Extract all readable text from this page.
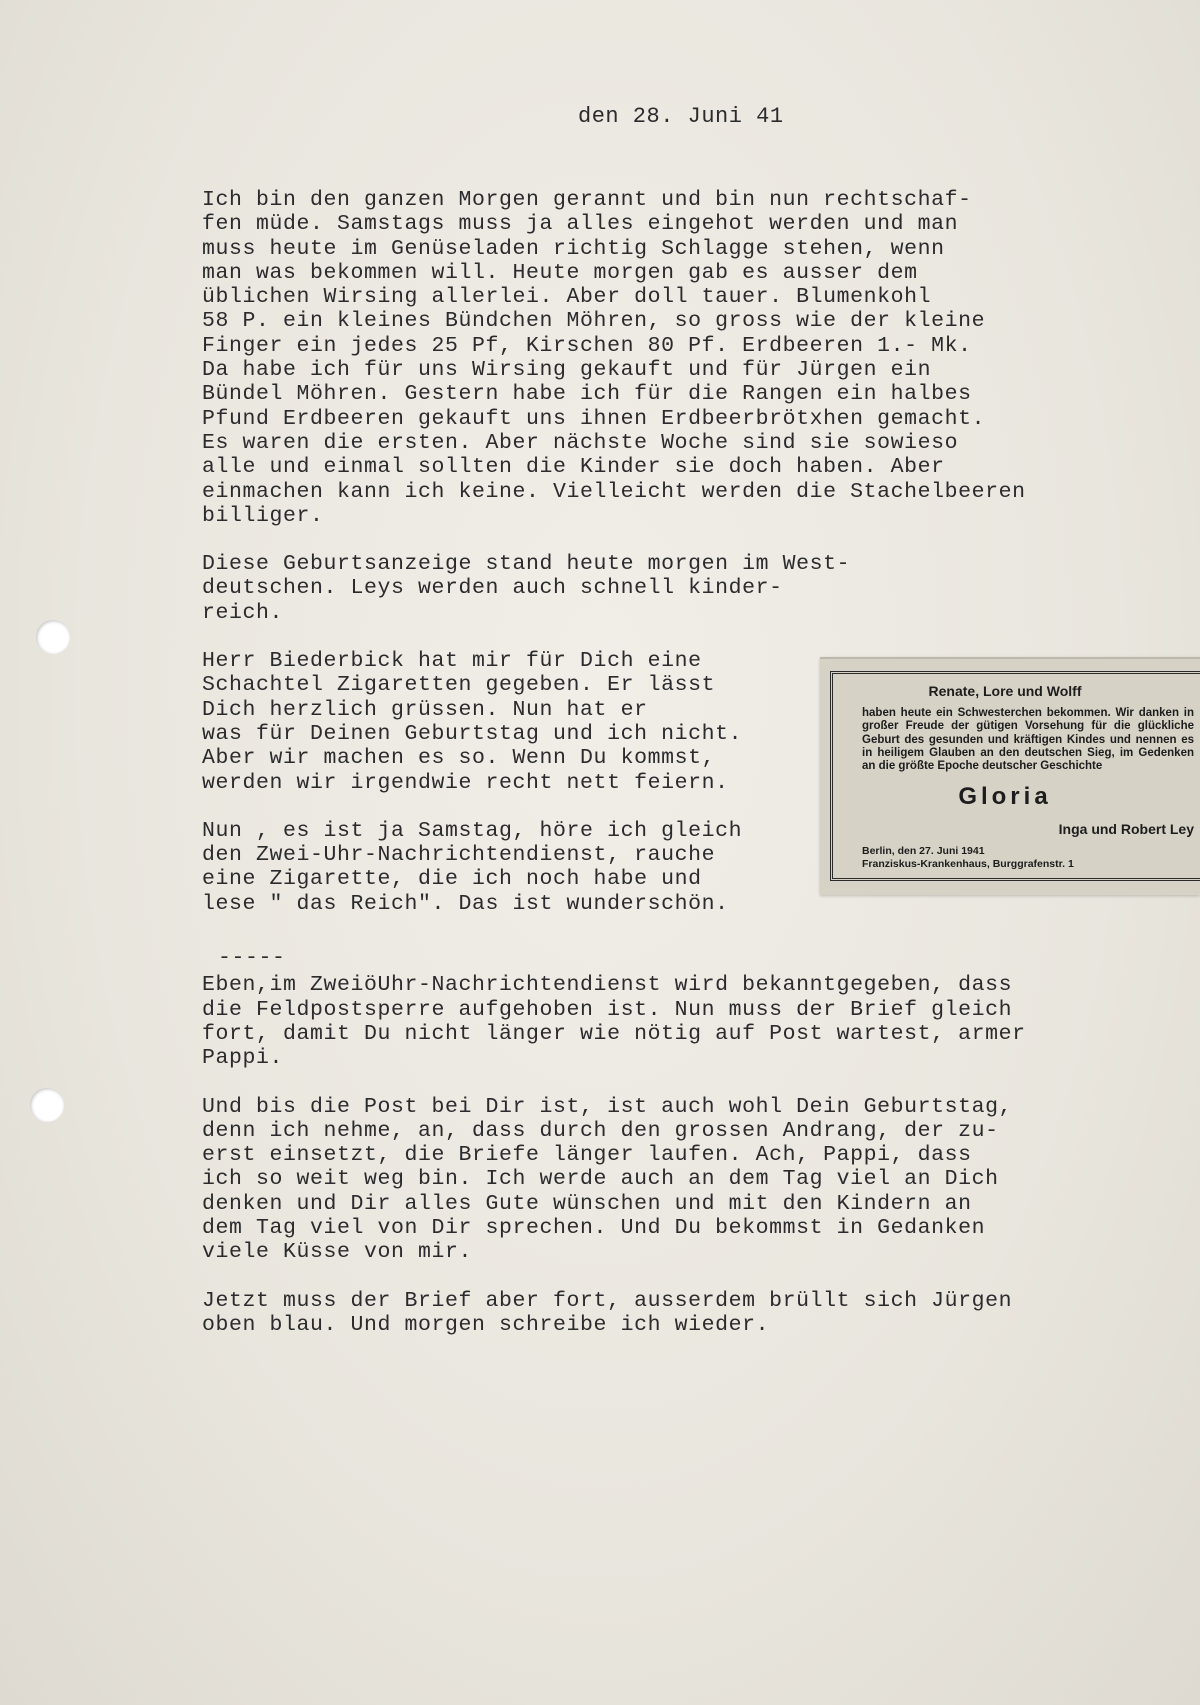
den 28. Juni 41
Ich bin den ganzen Morgen gerannt und bin nun rechtschaf-
fen müde. Samstags muss ja alles eingehot werden und man
muss heute im Genüseladen richtig Schlagge stehen, wenn
man was bekommen will. Heute morgen gab es ausser dem
üblichen Wirsing allerlei. Aber doll tauer. Blumenkohl
58 P. ein kleines Bündchen Möhren, so gross wie der kleine
Finger ein jedes 25 Pf, Kirschen 80 Pf. Erdbeeren 1.- Mk.
Da habe ich für uns Wirsing gekauft und für Jürgen ein
Bündel Möhren. Gestern habe ich für die Rangen ein halbes
Pfund Erdbeeren gekauft uns ihnen Erdbeerbrötxhen gemacht.
Es waren die ersten. Aber nächste Woche sind sie sowieso
alle und einmal sollten die Kinder sie doch haben. Aber
einmachen kann ich keine. Vielleicht werden die Stachelbeeren
billiger.
Diese Geburtsanzeige stand heute morgen im West-
deutschen. Leys werden auch schnell kinder-
reich.
Herr Biederbick hat mir für Dich eine
Schachtel Zigaretten gegeben. Er lässt
Dich herzlich grüssen. Nun hat er
was für Deinen Geburtstag und ich nicht.
Aber wir machen es so. Wenn Du kommst,
werden wir irgendwie recht nett feiern.
Nun , es ist ja Samstag, höre ich gleich
den Zwei-Uhr-Nachrichtendienst, rauche
eine Zigarette, die ich noch habe und
lese " das Reich". Das ist wunderschön.
-----
Eben,im ZweiöUhr-Nachrichtendienst wird bekanntgegeben, dass
die Feldpostsperre aufgehoben ist. Nun muss der Brief gleich
fort, damit Du nicht länger wie nötig auf Post wartest, armer
Pappi.
Und bis die Post bei Dir ist, ist auch wohl Dein Geburtstag,
denn ich nehme, an, dass durch den grossen Andrang, der zu-
erst einsetzt, die Briefe länger laufen. Ach, Pappi, dass
ich so weit weg bin. Ich werde auch an dem Tag viel an Dich
denken und Dir alles Gute wünschen und mit den Kindern an
dem Tag viel von Dir sprechen. Und Du bekommst in Gedanken
viele Küsse von mir.
Jetzt muss der Brief aber fort, ausserdem brüllt sich Jürgen
oben blau. Und morgen schreibe ich wieder.
Renate, Lore und Wolff
haben heute ein Schwesterchen bekommen. Wir danken in großer Freude der gütigen Vorsehung für die glückliche Geburt des gesunden und kräftigen Kindes und nennen es in heiligem Glauben an den deutschen Sieg, im Gedenken an die größte Epoche deutscher Geschichte
Gloria
Inga und Robert Ley
Berlin, den 27. Juni 1941
Franziskus-Krankenhaus, Burggrafenstr. 1
